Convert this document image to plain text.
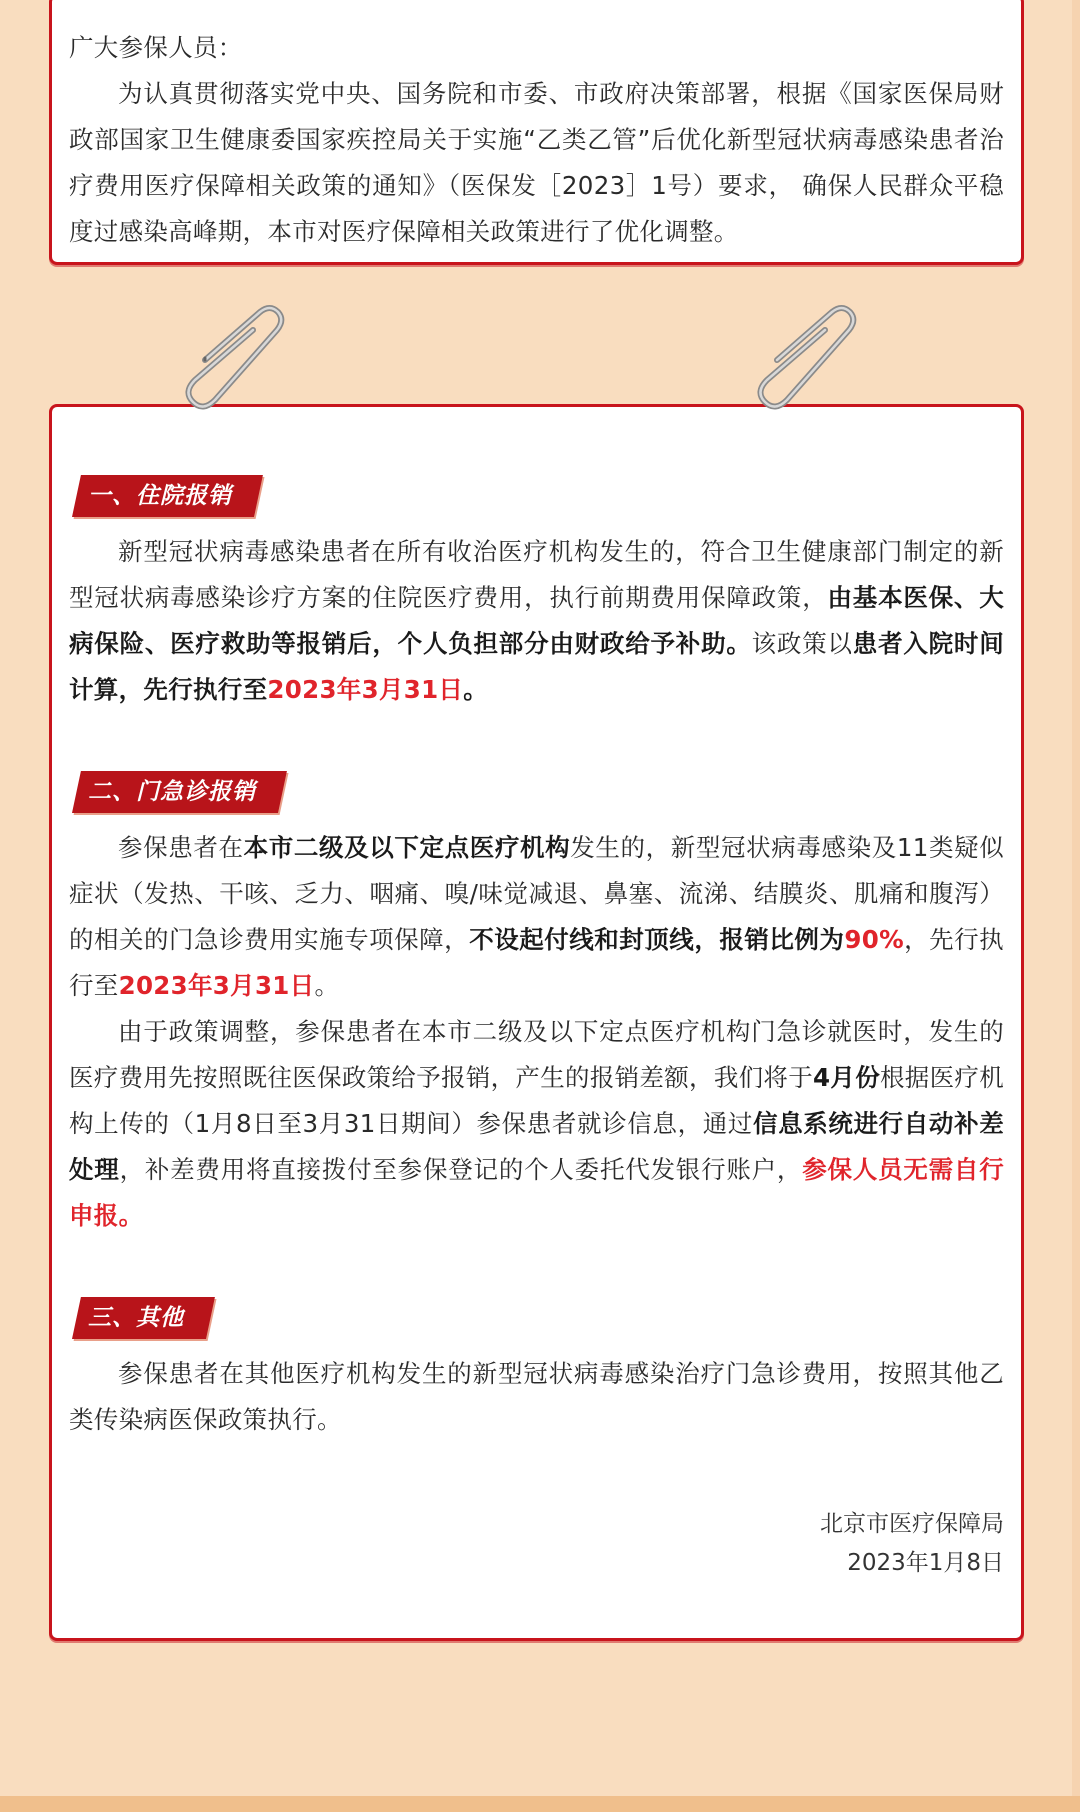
广大参保人员：

为认真贯彻落实党中央、国务院和市委、市政府决策部署，根据《国家医保局财政部国家卫生健康委国家疾控局关于实施“乙类乙管”后优化新型冠状病毒感染患者治疗费用医疗保障相关政策的通知》（医保发［2023］1号）要求， 确保人民群众平稳度过感染高峰期，本市对医疗保障相关政策进行了优化调整。

一、住院报销

新型冠状病毒感染患者在所有收治医疗机构发生的，符合卫生健康部门制定的新型冠状病毒感染诊疗方案的住院医疗费用，执行前期费用保障政策，由基本医保、大病保险、医疗救助等报销后，个人负担部分由财政给予补助。该政策以患者入院时间计算，先行执行至2023年3月31日。

二、门急诊报销

参保患者在本市二级及以下定点医疗机构发生的，新型冠状病毒感染及11类疑似症状（发热、干咳、乏力、咽痛、嗅/味觉减退、鼻塞、流涕、结膜炎、肌痛和腹泻）的相关的门急诊费用实施专项保障，不设起付线和封顶线，报销比例为90%，先行执行至2023年3月31日。

由于政策调整，参保患者在本市二级及以下定点医疗机构门急诊就医时，发生的医疗费用先按照既往医保政策给予报销，产生的报销差额，我们将于4月份根据医疗机构上传的（1月8日至3月31日期间）参保患者就诊信息，通过信息系统进行自动补差处理，补差费用将直接拨付至参保登记的个人委托代发银行账户，参保人员无需自行申报。

三、其他

参保患者在其他医疗机构发生的新型冠状病毒感染治疗门急诊费用，按照其他乙类传染病医保政策执行。

北京市医疗保障局
2023年1月8日
